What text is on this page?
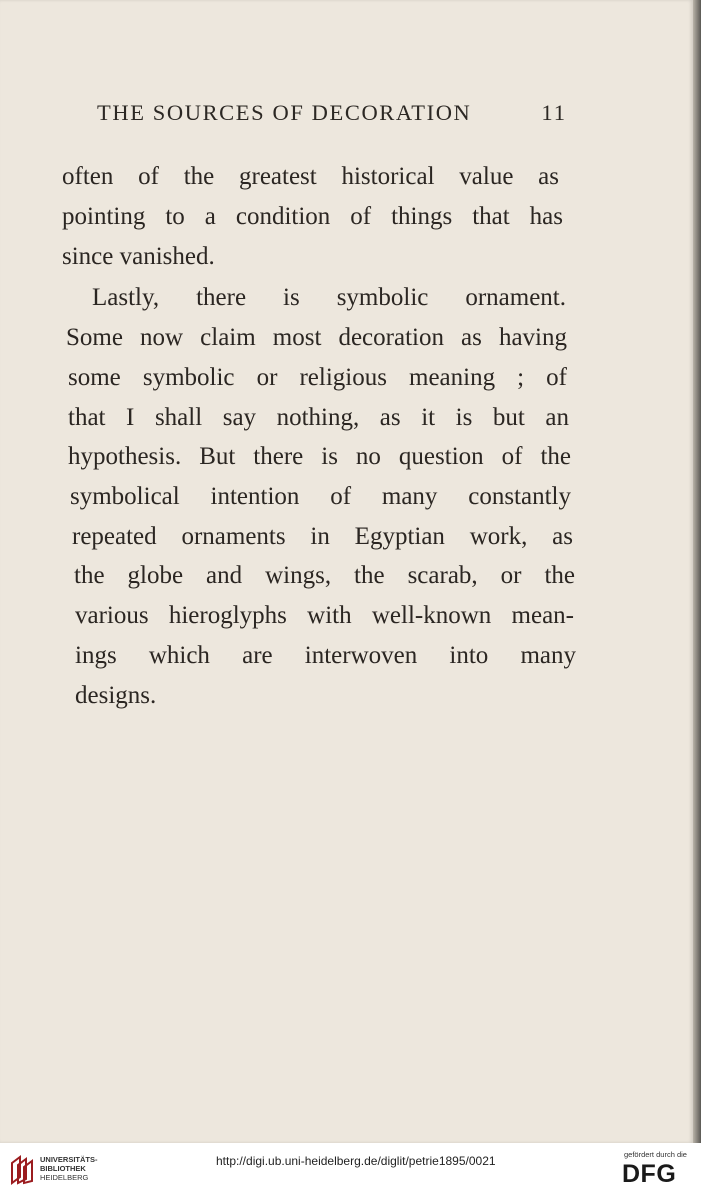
THE SOURCES OF DECORATION	11
often of the greatest historical value as
pointing to a condition of things that has
since vanished.
Lastly, there is symbolic ornament.
Some now claim most decoration as having
some symbolic or religious meaning ; of
that I shall say nothing, as it is but an
hypothesis. But there is no question of the
symbolical intention of many constantly
repeated ornaments in Egyptian work, as
the globe and wings, the scarab, or the
various hieroglyphs with well-known mean-
ings which are interwoven into many
designs.
UNIVERSITÄTS-
BIBLIOTHEK
HEIDELBERG
http://digi.ub.uni-heidelberg.de/diglit/petrie1895/0021	gefördert durch die
DFG
